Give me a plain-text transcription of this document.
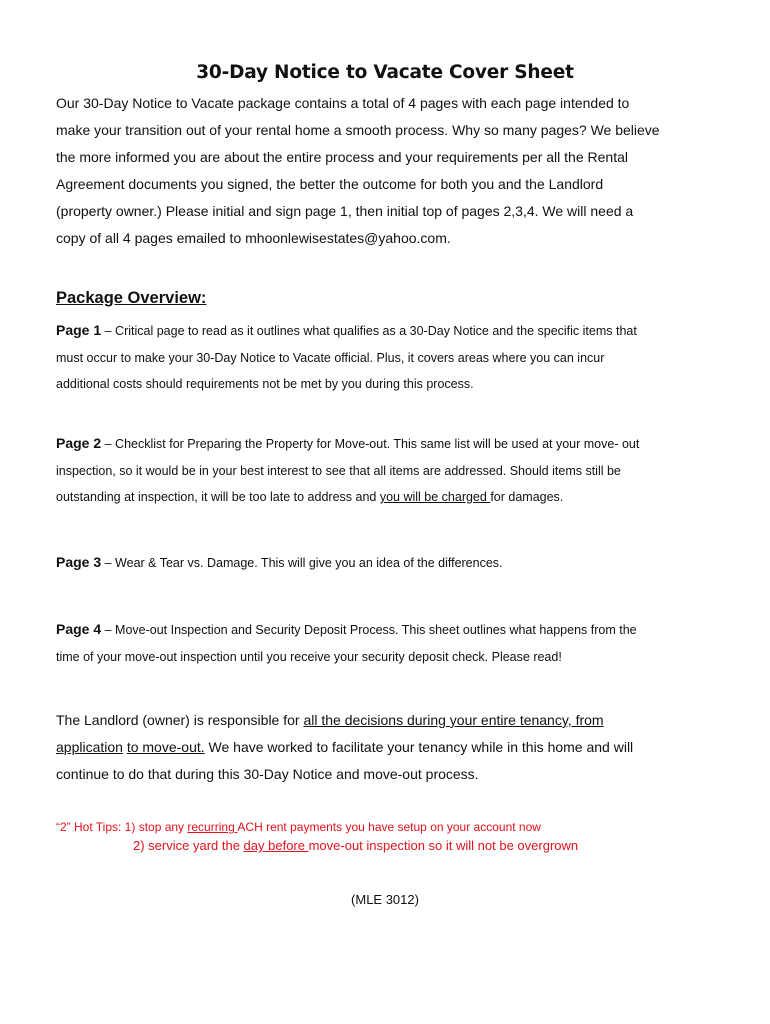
30-Day Notice to Vacate Cover Sheet
Our 30-Day Notice to Vacate package contains a total of 4 pages with each page intended to
make your transition out of your rental home a smooth process. Why so many pages? We believe
the more informed you are about the entire process and your requirements per all the Rental
Agreement documents you signed, the better the outcome for both you and the Landlord
(property owner.) Please initial and sign page 1, then initial top of pages 2,3,4. We will need a
copy of all 4 pages emailed to mhoonlewisestates@yahoo.com.
Package Overview:
Page 1 – Critical page to read as it outlines what qualifies as a 30-Day Notice and the specific items that
must occur to make your 30-Day Notice to Vacate official. Plus, it covers areas where you can incur
additional costs should requirements not be met by you during this process.
Page 2 – Checklist for Preparing the Property for Move-out. This same list will be used at your move- out
inspection, so it would be in your best interest to see that all items are addressed. Should items still be
outstanding at inspection, it will be too late to address and you will be charged for damages.
Page 3 – Wear & Tear vs. Damage. This will give you an idea of the differences.
Page 4 – Move-out Inspection and Security Deposit Process. This sheet outlines what happens from the
time of your move-out inspection until you receive your security deposit check. Please read!
The Landlord (owner) is responsible for all the decisions during your entire tenancy, from
application to move-out. We have worked to facilitate your tenancy while in this home and will
continue to do that during this 30-Day Notice and move-out process.
“2” Hot Tips: 1) stop any recurring ACH rent payments you have setup on your account now
2) service yard the day before move-out inspection so it will not be overgrown
(MLE 3012)
